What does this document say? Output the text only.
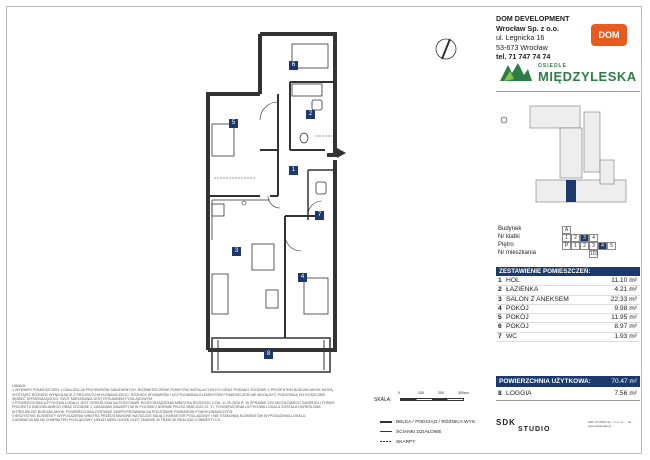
1
2
3
4
5
6
7
8
DOM DEVELOPMENT
Wrocław Sp. z o.o.
ul. Legnicka 16
53-673 Wrocław
tel. 71 747 74 74
DOM
OSIEDLE
MIĘDZYLESKA
Budynek	A
Nr klatki	1	2	3	4
Piętro	P	1	2	3	4	5
Nr mieszkania	103
ZESTAWIENIE POMIESZCZEŃ:
1 HOL	11.10 m²
2 ŁAZIENKA	4.21 m²
3 SALON Z ANEKSEM	22.33 m²
4 POKÓJ	9.98 m²
5 POKÓJ	11.95 m²
6 POKÓJ	8.97 m²
7 WC	1.93 m²
POWIERZCHNIA UŻYTKOWA:	70.47 m²
8 LOGGIA	7.56 m²
UWAGI:
1 WYMIARY POMIESZCZEŃ, LOKALIZACJA PRZYBORÓW SANITARNYCH, ROZMIESZCZENIE PUNKTÓW INSTALACYJNYCH ORAZ PODANO ZGODNIE Z PROJEKTEM BUDOWLANYM. MOGĄ
WYSTĄPIĆ RÓŻNICE WYNIKAJĄCE Z PROJEKTU WYKONAWCZEGO. RÓŻNICE WYMIARÓW I USYTUOWANIA ELEMENTÓW POMIESZCZEŃ NIE MOGĄ BYĆ PODSTAWĄ DO ROSZCZEŃ
WOBEC SPRZEDAJĄCEGO. RZUT MIESZKANIA JEST RYSUNKIEM POGLĄDOWYM.
2 POWIERZCHNIA UŻYTKOWA LOKALU JEST OKREŚLONA NA PODSTAWIE ROZPORZĄDZENIA MINISTRA ROZWOJU Z DN. 11.09.2020 R. W SPRAWIE SZCZEGÓŁOWEGO ZAKRESU I FORMY
PROJEKTU BUDOWLANEGO ORAZ ZGODNIE Z ZASADAMI ZAWARTYMI W POLSKIEJ NORMIE PN-ISO 9836:2022-07. T.I. POWIERZCHNIA UŻYTKOWA LOKALU ZOSTAŁA OKREŚLONA
W PROJEKCIE BUDOWLANYM. POWIERZCHNIA ZOSTANIE ZWERYFIKOWANA NA PODSTAWIE POMIARÓW POWYKONAWCZYCH.
3 WSZYSTKIE ELEMENTY WYPOSAŻENIA WNĘTRZ PRZEDSTAWIONE NA RZUCIE MAJĄ CHARAKTER POGLĄDOWY I NIE STANOWIĄ ELEMENTÓW WYPOSAŻENIA LOKALU.
4 ANIMACJA MA NA CHARAKTER POGLĄDOWY, UKŁAD MEBLI MOŻE ULEC ZMIANIE W TRAKCIE REALIZACJI INWESTYCJI.
SKALA:
0	100	200	300cm
BELKA / PODCIĄG / RÓŻNICA WYS.
ŚCIANKI DZIAŁOWE
SKARPY
SDK
STUDIO
SDK STUDIO Sp. z o.o. ul. ... tel. ... www.sdkstudio.pl
